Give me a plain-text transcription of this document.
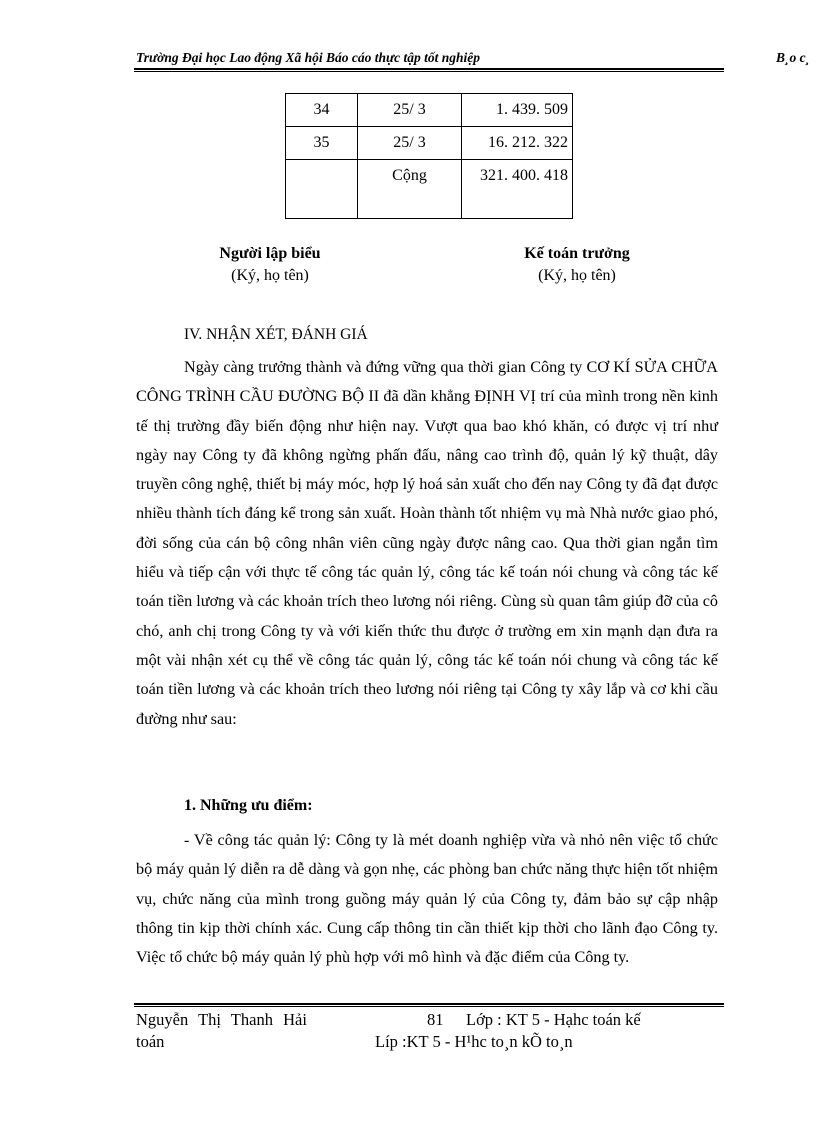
Trường Đại học Lao động Xã hội Báo cáo thực tập tốt nghiệp	B¸o c¸
34	25/ 3	1. 439. 509
35	25/ 3	16. 212. 322
	Cộng	321. 400. 418
Người lập biểu
(Ký, họ tên)
Kế toán trưởng
(Ký, họ tên)
IV. NHẬN XÉT, ĐÁNH GIÁ

Ngày càng trưởng thành và đứng vững qua thời gian Công ty CƠ KÍ SỬA CHỮA CÔNG TRÌNH CẦU ĐƯỜNG BỘ II đã dần khẳng ĐỊNH VỊ trí của mình trong nền kinh tế thị trường đầy biến động như hiện nay. Vượt qua bao khó khăn, có được vị trí như ngày nay Công ty đã không ngừng phấn đấu, nâng cao trình độ, quản lý kỹ thuật, dây truyền công nghệ, thiết bị máy móc, hợp lý hoá sản xuất cho đến nay Công ty đã đạt được nhiều thành tích đáng kể trong sản xuất. Hoàn thành tốt nhiệm vụ mà Nhà nước giao phó, đời sống của cán bộ công nhân viên cũng ngày được nâng cao. Qua thời gian ngắn tìm hiểu và tiếp cận với thực tế công tác quản lý, công tác kế toán nói chung và công tác kế toán tiền lương và các khoản trích theo lương nói riêng. Cùng sù quan tâm giúp đỡ của cô chó, anh chị trong Công ty và với kiến thức thu được ở trường em xin mạnh dạn đưa ra một vài nhận xét cụ thể về công tác quản lý, công tác kế toán nói chung và công tác kế toán tiền lương và các khoản trích theo lương nói riêng tại Công ty xây lắp và cơ khi cầu đường như sau:

1. Những ưu điểm:

- Về công tác quản lý: Công ty là mét doanh nghiệp vừa và nhỏ nên việc tổ chức bộ máy quản lý diễn ra dễ dàng và gọn nhẹ, các phòng ban chức năng thực hiện tốt nhiệm vụ, chức năng của mình trong guồng máy quản lý của Công ty, đảm bảo sự cập nhập thông tin kịp thời chính xác. Cung cấp thông tin cần thiết kịp thời cho lãnh đạo Công ty. Việc tổ chức bộ máy quản lý phù hợp với mô hình và đặc điểm của Công ty.

Nguyễn Thị Thanh Hải	81 Lớp : KT 5 - Hạhc toán kế
toán	Líp :KT 5 - H¹hc to¸n kÕ to¸n
